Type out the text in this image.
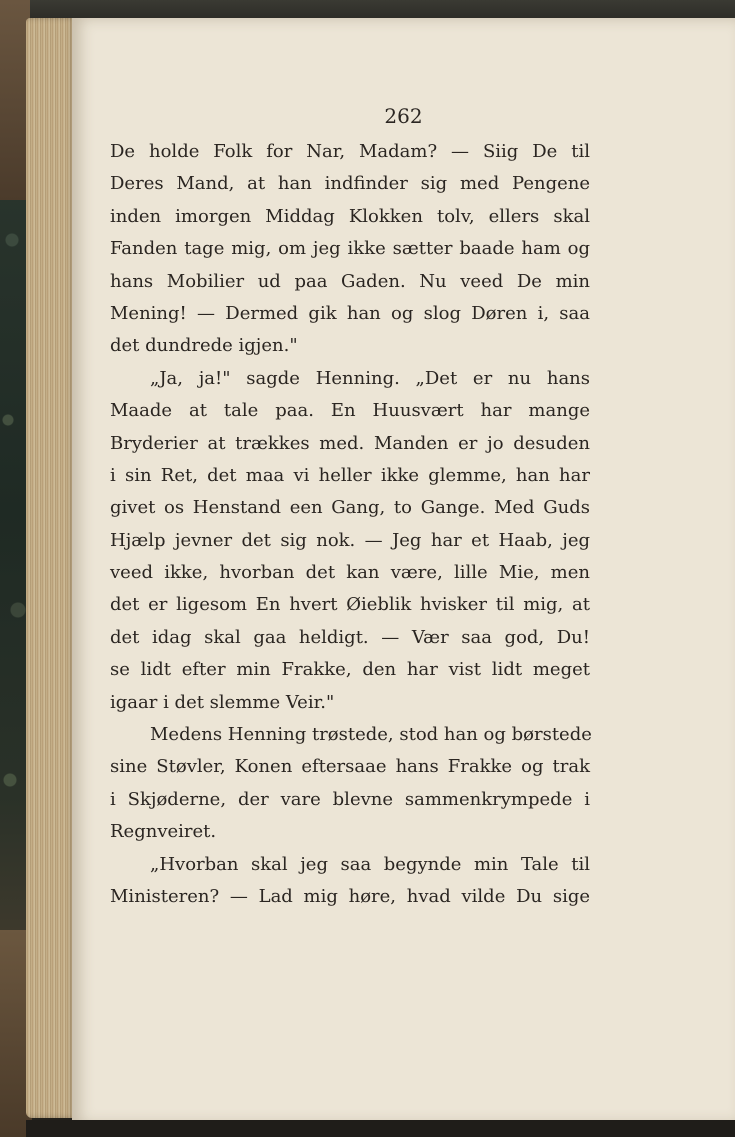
262
De holde Folk for Nar, Madam? — Siig De til
Deres Mand, at han indfinder sig med Pengene
inden imorgen Middag Klokken tolv, ellers skal
Fanden tage mig, om jeg ikke sætter baade ham og
hans Mobilier ud paa Gaden. Nu veed De min
Mening! — Dermed gik han og slog Døren i, saa
det dundrede igjen."
„Ja, ja!" sagde Henning. „Det er nu hans
Maade at tale paa. En Huusvært har mange
Bryderier at trækkes med. Manden er jo desuden
i sin Ret, det maa vi heller ikke glemme, han har
givet os Henstand een Gang, to Gange. Med Guds
Hjælp jevner det sig nok. — Jeg har et Haab, jeg
veed ikke, hvorban det kan være, lille Mie, men
det er ligesom En hvert Øieblik hvisker til mig, at
det idag skal gaa heldigt. — Vær saa god, Du!
se lidt efter min Frakke, den har vist lidt meget
igaar i det slemme Veir."
Medens Henning trøstede, stod han og børstede
sine Støvler, Konen eftersaae hans Frakke og trak
i Skjøderne, der vare blevne sammenkrympede i
Regnveiret.
„Hvorban skal jeg saa begynde min Tale til
Ministeren? — Lad mig høre, hvad vilde Du sige
